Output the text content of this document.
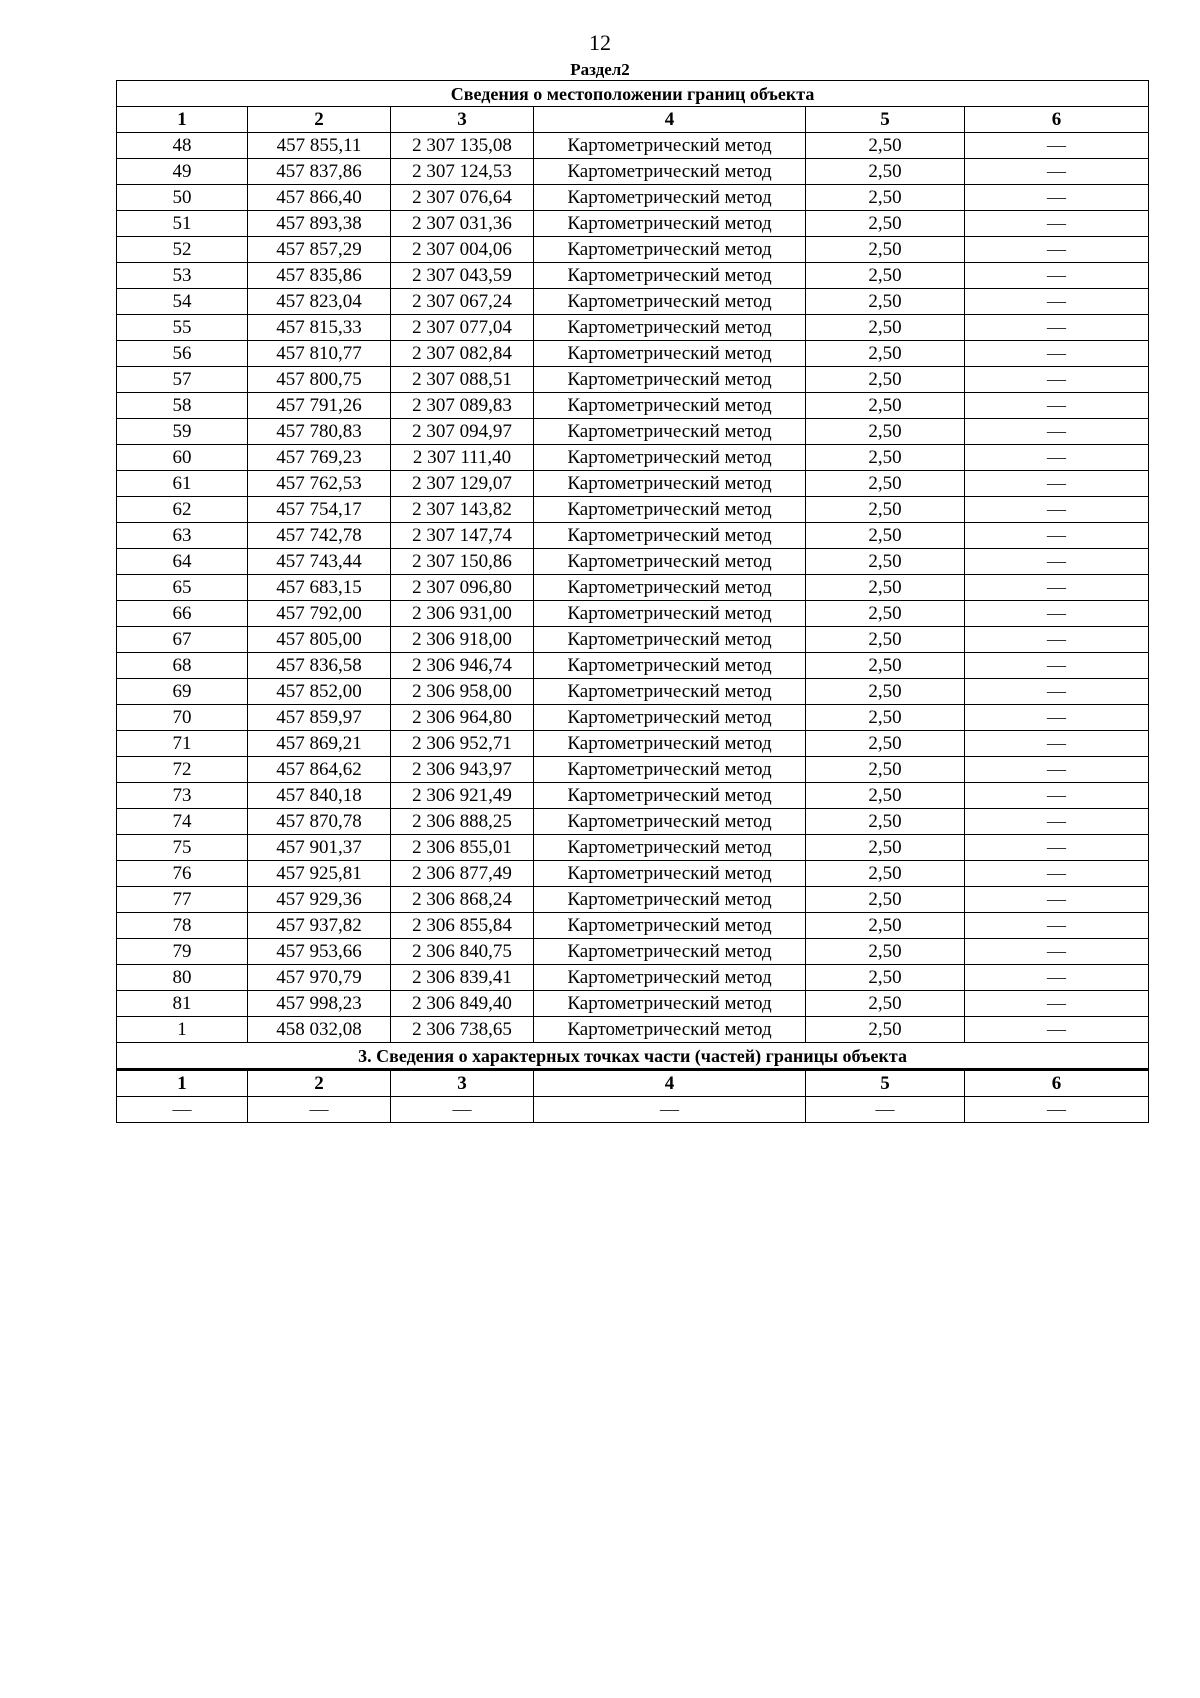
12
Раздел2
Сведения о местоположении границ объекта					
1	2	3	4	5	6
48	457 855,11	2 307 135,08	Картометрический метод	2,50	—
49	457 837,86	2 307 124,53	Картометрический метод	2,50	—
50	457 866,40	2 307 076,64	Картометрический метод	2,50	—
51	457 893,38	2 307 031,36	Картометрический метод	2,50	—
52	457 857,29	2 307 004,06	Картометрический метод	2,50	—
53	457 835,86	2 307 043,59	Картометрический метод	2,50	—
54	457 823,04	2 307 067,24	Картометрический метод	2,50	—
55	457 815,33	2 307 077,04	Картометрический метод	2,50	—
56	457 810,77	2 307 082,84	Картометрический метод	2,50	—
57	457 800,75	2 307 088,51	Картометрический метод	2,50	—
58	457 791,26	2 307 089,83	Картометрический метод	2,50	—
59	457 780,83	2 307 094,97	Картометрический метод	2,50	—
60	457 769,23	2 307 111,40	Картометрический метод	2,50	—
61	457 762,53	2 307 129,07	Картометрический метод	2,50	—
62	457 754,17	2 307 143,82	Картометрический метод	2,50	—
63	457 742,78	2 307 147,74	Картометрический метод	2,50	—
64	457 743,44	2 307 150,86	Картометрический метод	2,50	—
65	457 683,15	2 307 096,80	Картометрический метод	2,50	—
66	457 792,00	2 306 931,00	Картометрический метод	2,50	—
67	457 805,00	2 306 918,00	Картометрический метод	2,50	—
68	457 836,58	2 306 946,74	Картометрический метод	2,50	—
69	457 852,00	2 306 958,00	Картометрический метод	2,50	—
70	457 859,97	2 306 964,80	Картометрический метод	2,50	—
71	457 869,21	2 306 952,71	Картометрический метод	2,50	—
72	457 864,62	2 306 943,97	Картометрический метод	2,50	—
73	457 840,18	2 306 921,49	Картометрический метод	2,50	—
74	457 870,78	2 306 888,25	Картометрический метод	2,50	—
75	457 901,37	2 306 855,01	Картометрический метод	2,50	—
76	457 925,81	2 306 877,49	Картометрический метод	2,50	—
77	457 929,36	2 306 868,24	Картометрический метод	2,50	—
78	457 937,82	2 306 855,84	Картометрический метод	2,50	—
79	457 953,66	2 306 840,75	Картометрический метод	2,50	—
80	457 970,79	2 306 839,41	Картометрический метод	2,50	—
81	457 998,23	2 306 849,40	Картометрический метод	2,50	—
1	458 032,08	2 306 738,65	Картометрический метод	2,50	—
3. Сведения о характерных точках части (частей) границы объекта					
1	2	3	4	5	6
—	—	—	—	—	—
